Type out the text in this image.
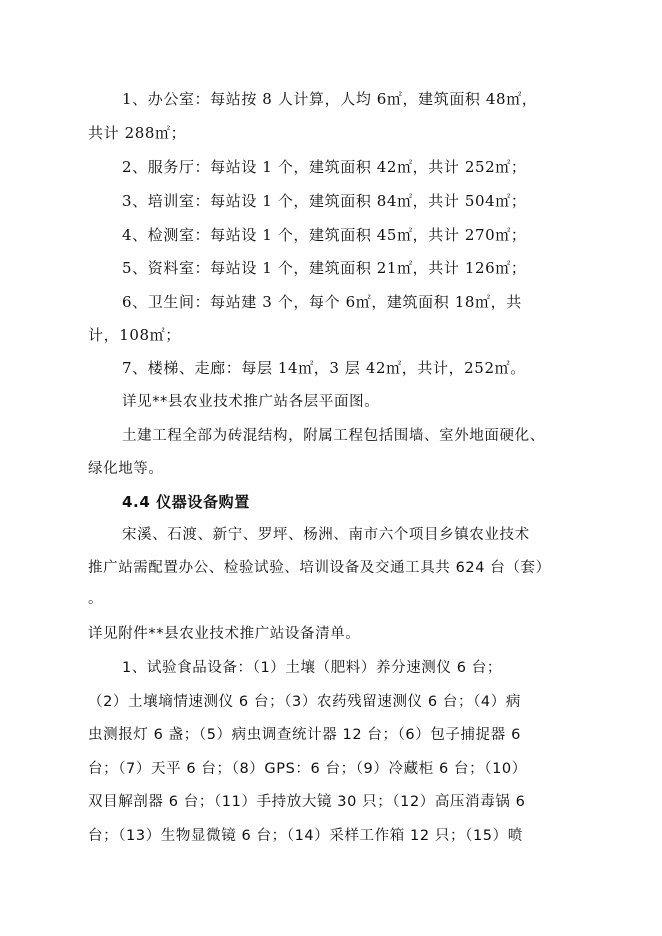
1、办公室：每站按 8 人计算，人均 6㎡，建筑面积 48㎡，
共计 288㎡；
2、服务厅：每站设 1 个，建筑面积 42㎡，共计 252㎡；
3、培训室：每站设 1 个，建筑面积 84㎡，共计 504㎡；
4、检测室：每站设 1 个，建筑面积 45㎡，共计 270㎡；
5、资料室：每站设 1 个，建筑面积 21㎡，共计 126㎡；
6、卫生间：每站建 3 个，每个 6㎡，建筑面积 18㎡，共
计，108㎡；
7、楼梯、走廊：每层 14㎡，3 层 42㎡，共计，252㎡。
详见**县农业技术推广站各层平面图。
土建工程全部为砖混结构，附属工程包括围墙、室外地面硬化、
绿化地等。
4.4 仪器设备购置
宋溪、石渡、新宁、罗坪、杨洲、南市六个项目乡镇农业技术
推广站需配置办公、检验试验、培训设备及交通工具共 624 台（套）
。
详见附件**县农业技术推广站设备清单。
1、试验食品设备：（1）土壤（肥料）养分速测仪 6 台；
（2）土壤墒情速测仪 6 台；（3）农药残留速测仪 6 台；（4）病
虫测报灯 6 盏；（5）病虫调查统计器 12 台；（6）包子捕捉器 6
台；（7）天平 6 台；（8）GPS：6 台；（9）冷藏柜 6 台；（10）
双目解剖器 6 台；（11）手持放大镜 30 只；（12）高压消毒锅 6
台；（13）生物显微镜 6 台；（14）采样工作箱 12 只；（15）喷
